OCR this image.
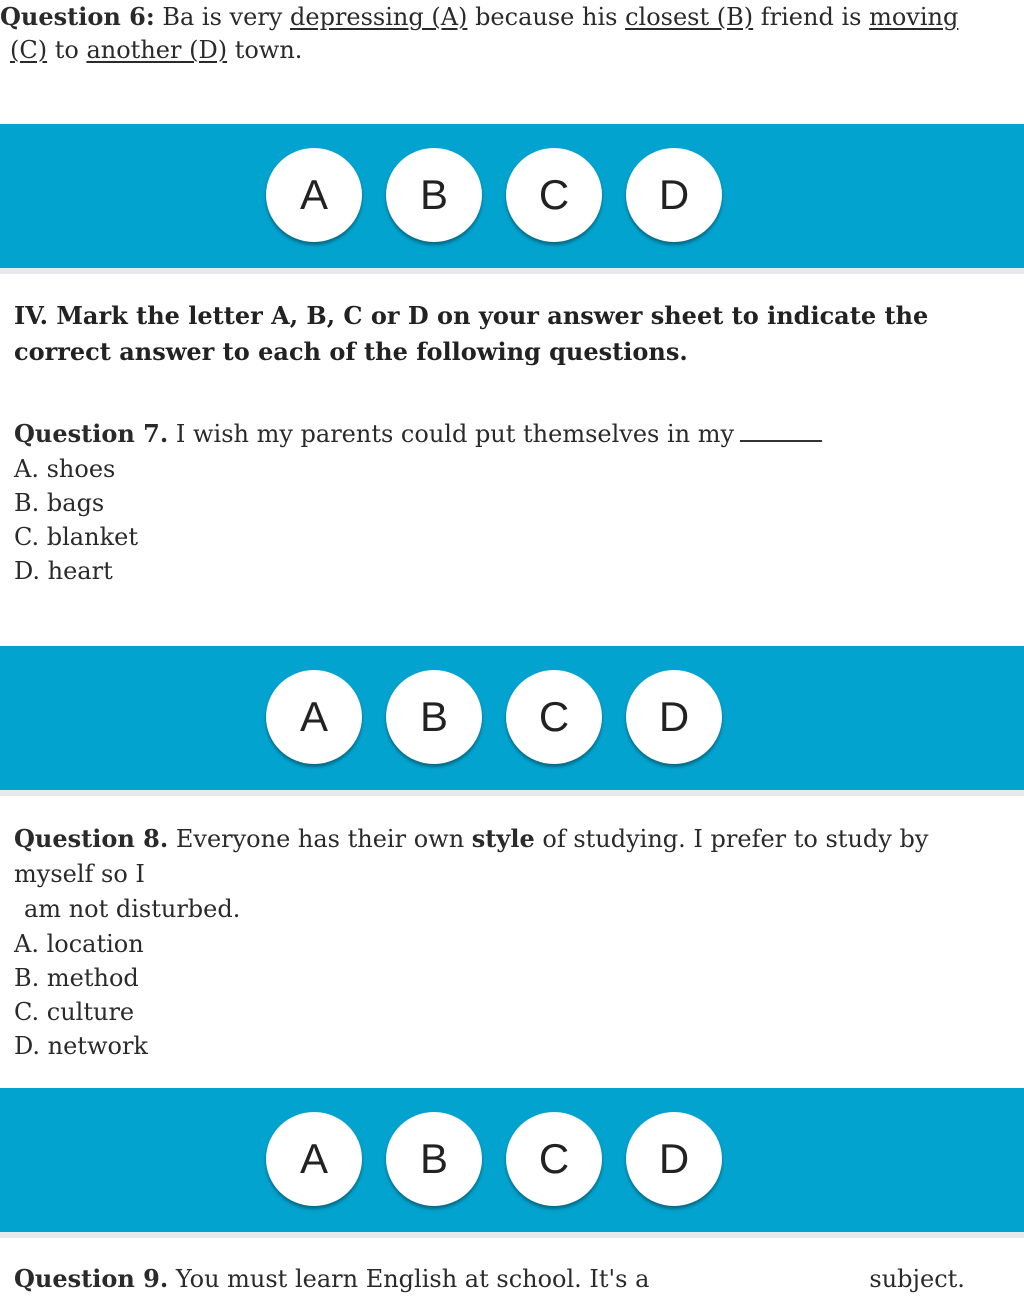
Question 6: Ba is very depressing (A) because his closest (B) friend is moving
(C) to another (D) town.
A	B	C	D
IV. Mark the letter A, B, C or D on your answer sheet to indicate the correct answer to each of the following questions.
Question 7. I wish my parents could put themselves in my
A. shoes
B. bags
C. blanket
D. heart
A	B	C	D
Question 8. Everyone has their own style of studying. I prefer to study by myself so I
am not disturbed.
A. location
B. method
C. culture
D. network
A	B	C	D
Question 9. You must learn English at school. It's a	subject.
